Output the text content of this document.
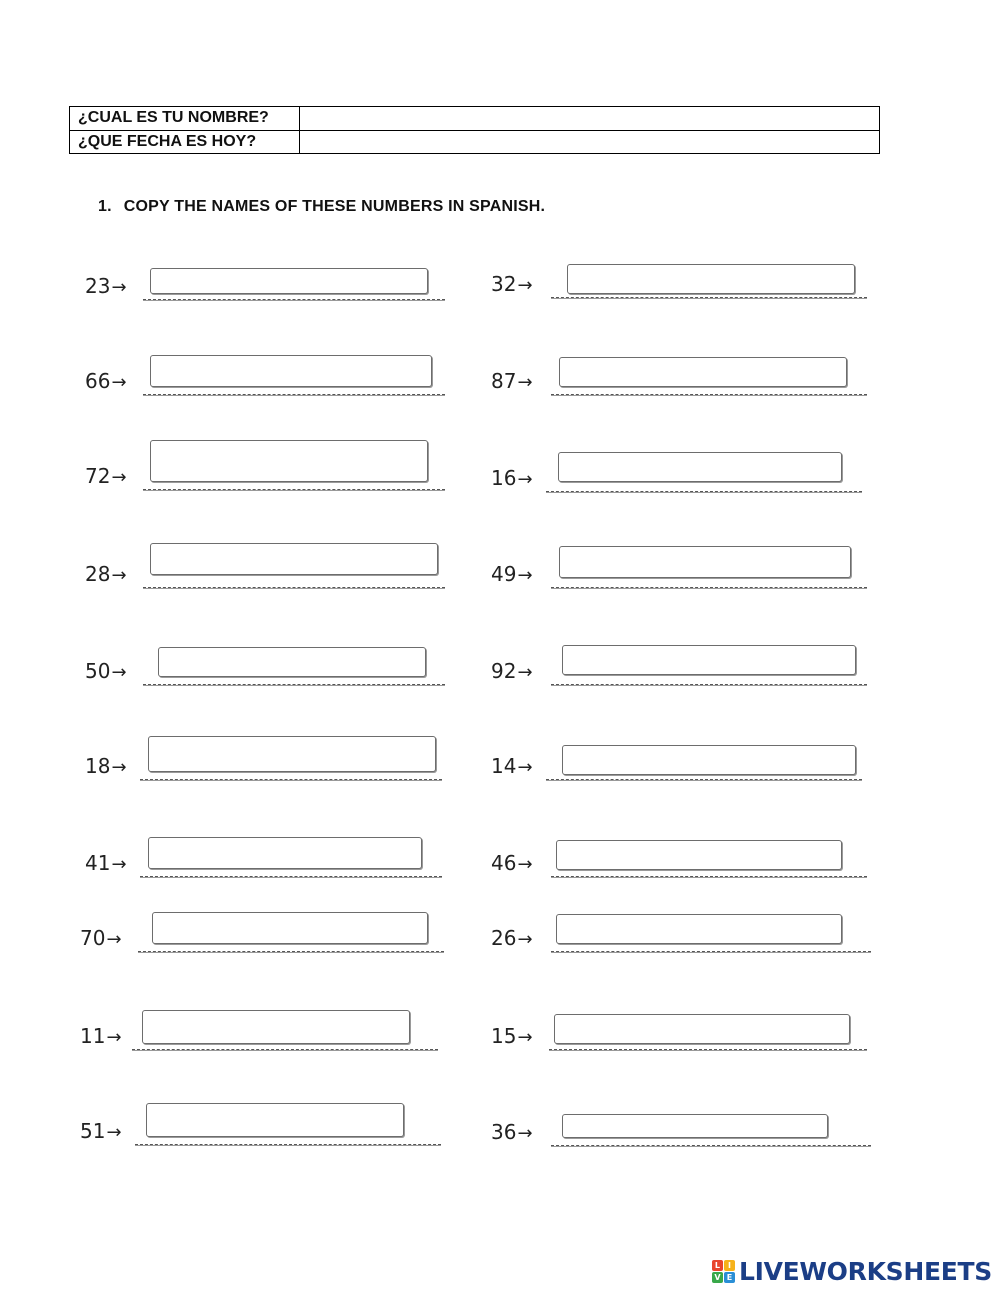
¿CUAL ES TU NOMBRE?	
¿QUE FECHA ES HOY?	
1. COPY THE NAMES OF THESE NUMBERS IN SPANISH.
23→	32→
66→	87→
72→	16→
28→	49→
50→	92→
18→	14→
41→	46→
70→	26→
11→	15→
51→	36→
L I
V E LIVEWORKSHEETS
